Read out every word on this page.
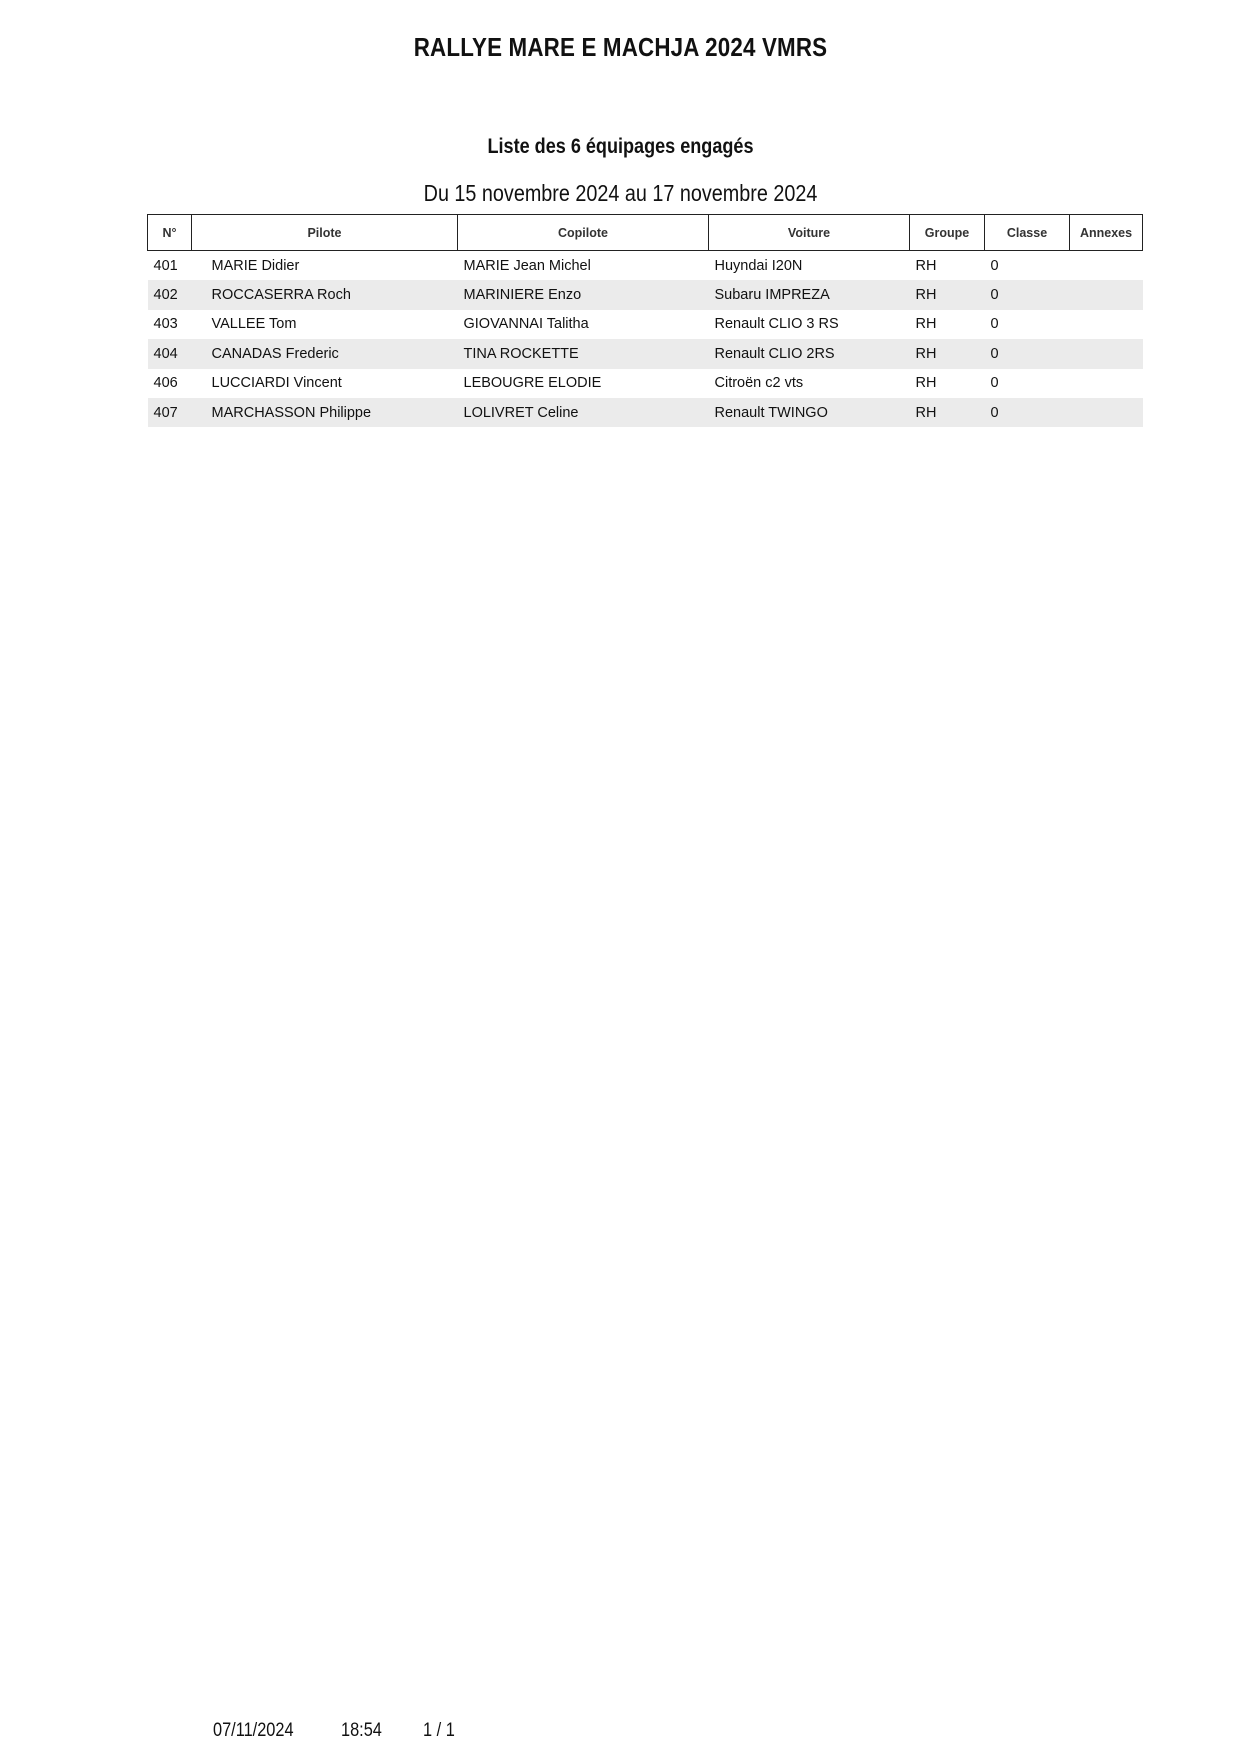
RALLYE MARE E MACHJA 2024 VMRS
Liste des 6 équipages engagés
Du 15 novembre 2024 au 17 novembre 2024
N°	Pilote	Copilote	Voiture	Groupe	Classe	Annexes
401	MARIE Didier	MARIE Jean Michel	Huyndai I20N	RH	0	
402	ROCCASERRA Roch	MARINIERE Enzo	Subaru IMPREZA	RH	0	
403	VALLEE Tom	GIOVANNAI Talitha	Renault CLIO 3 RS	RH	0	
404	CANADAS Frederic	TINA ROCKETTE	Renault CLIO 2RS	RH	0	
406	LUCCIARDI Vincent	LEBOUGRE ELODIE	Citroën c2 vts	RH	0	
407	MARCHASSON Philippe	LOLIVRET Celine	Renault TWINGO	RH	0	
07/11/2024 18:54 1 / 1
